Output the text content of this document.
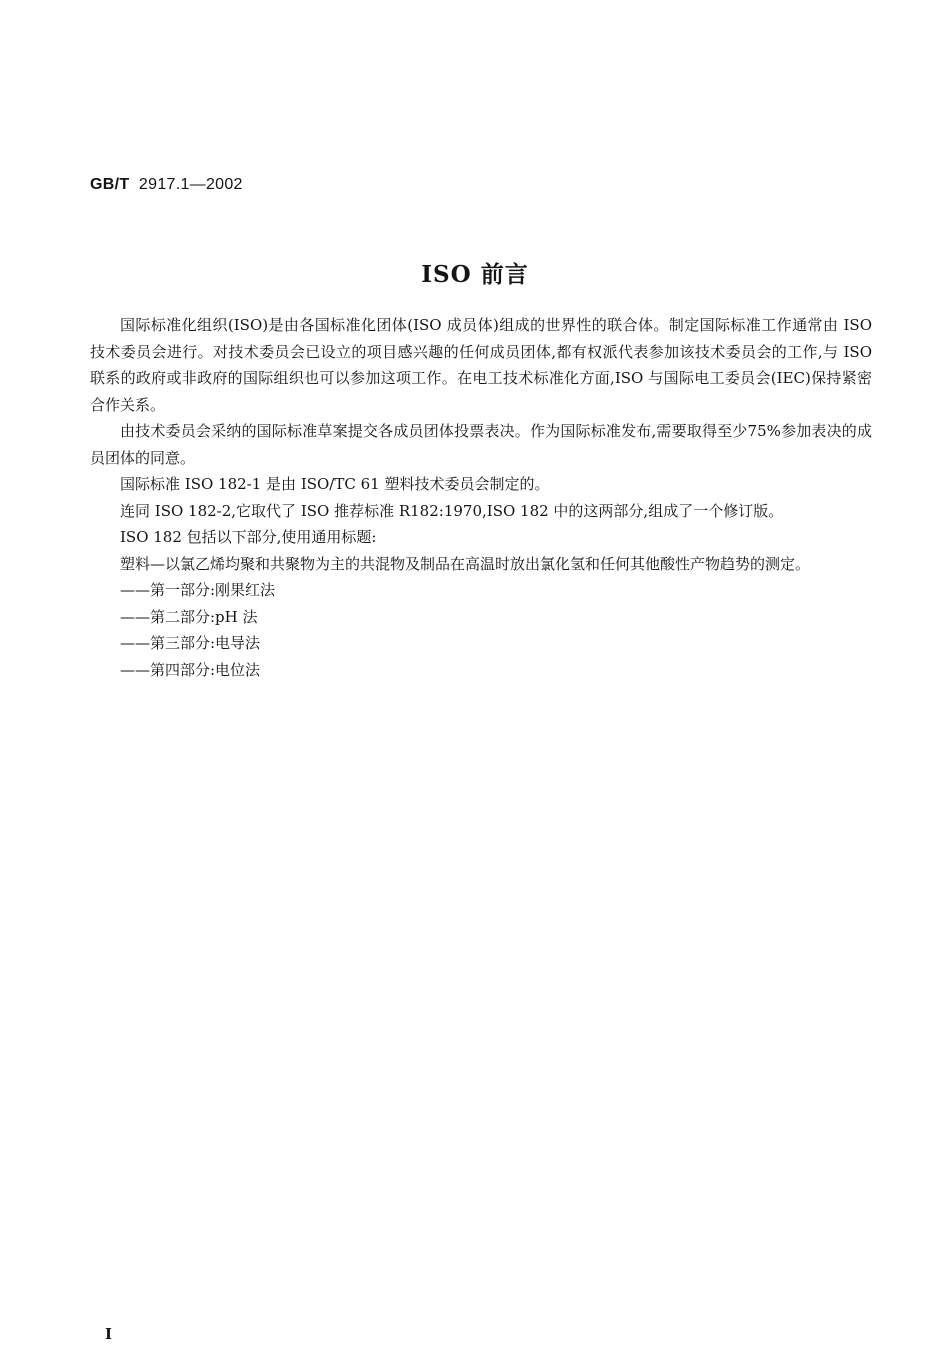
GB/T 2917.1—2002
ISO 前言

国际标准化组织(ISO)是由各国标准化团体(ISO 成员体)组成的世界性的联合体。制定国际标准工作通常由 ISO 技术委员会进行。对技术委员会已设立的项目感兴趣的任何成员团体,都有权派代表参加该技术委员会的工作,与 ISO 联系的政府或非政府的国际组织也可以参加这项工作。在电工技术标准化方面,ISO 与国际电工委员会(IEC)保持紧密合作关系。

由技术委员会采纳的国际标准草案提交各成员团体投票表决。作为国际标准发布,需要取得至少75%参加表决的成员团体的同意。

国际标准 ISO 182-1 是由 ISO/TC 61 塑料技术委员会制定的。

连同 ISO 182-2,它取代了 ISO 推荐标准 R182:1970,ISO 182 中的这两部分,组成了一个修订版。

ISO 182 包括以下部分,使用通用标题:

塑料—以氯乙烯均聚和共聚物为主的共混物及制品在高温时放出氯化氢和任何其他酸性产物趋势的测定。

——第一部分:刚果红法

——第二部分:pH 法

——第三部分:电导法

——第四部分:电位法

I
